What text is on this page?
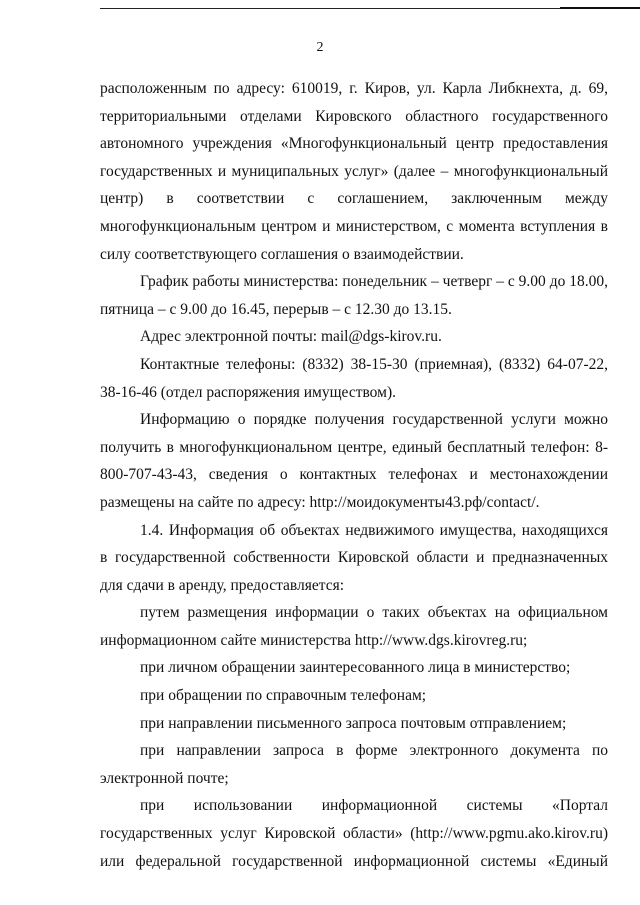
2

расположенным по адресу: 610019, г. Киров, ул. Карла Либкнехта, д. 69, территориальными отделами Кировского областного государственного автономного учреждения «Многофункциональный центр предоставления государственных и муниципальных услуг» (далее – многофункциональный центр) в соответствии с соглашением, заключенным между многофункциональным центром и министерством, с момента вступления в силу соответствующего соглашения о взаимодействии.

График работы министерства: понедельник – четверг – с 9.00 до 18.00, пятница – с 9.00 до 16.45, перерыв – с 12.30 до 13.15.

Адрес электронной почты: mail@dgs-kirov.ru.

Контактные телефоны: (8332) 38-15-30 (приемная), (8332) 64-07-22, 38-16-46 (отдел распоряжения имуществом).

Информацию о порядке получения государственной услуги можно получить в многофункциональном центре, единый бесплатный телефон: 8-800-707-43-43, сведения о контактных телефонах и местонахождении размещены на сайте по адресу: http://моидокументы43.рф/contact/.

1.4. Информация об объектах недвижимого имущества, находящихся в государственной собственности Кировской области и предназначенных для сдачи в аренду, предоставляется:

путем размещения информации о таких объектах на официальном информационном сайте министерства http://www.dgs.kirovreg.ru;

при личном обращении заинтересованного лица в министерство;

при обращении по справочным телефонам;

при направлении письменного запроса почтовым отправлением;

при направлении запроса в форме электронного документа по электронной почте;

при использовании информационной системы «Портал государственных услуг Кировской области» (http://www.pgmu.ako.kirov.ru) или федеральной государственной информационной системы «Единый
